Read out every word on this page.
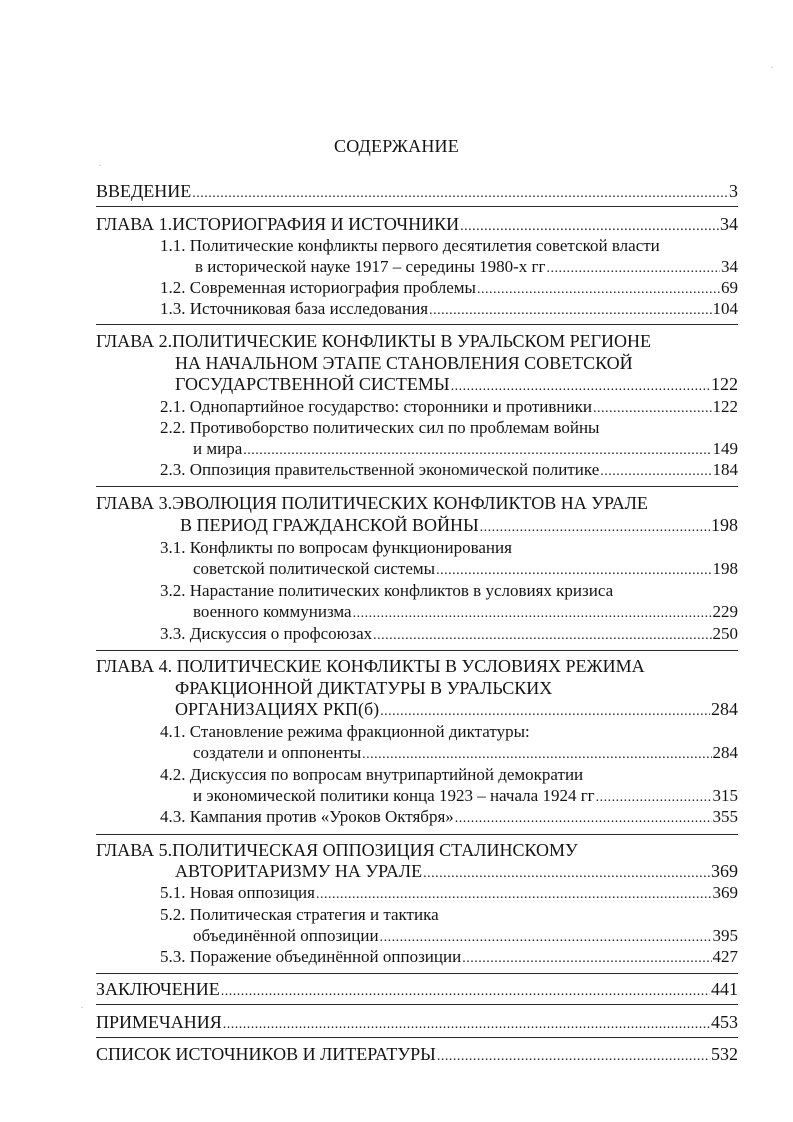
СОДЕРЖАНИЕ
ВВЕДЕНИЕ .....	3
ГЛАВА 1.ИСТОРИОГРАФИЯ И ИСТОЧНИКИ .....	34
1.1. Политические конфликты первого десятилетия советской власти
в исторической науке 1917 – середины 1980-х гг .....	34
1.2. Современная историография проблемы .....	69
1.3. Источниковая база исследования .....	104
ГЛАВА 2.ПОЛИТИЧЕСКИЕ КОНФЛИКТЫ В УРАЛЬСКОМ РЕГИОНЕ
НА НАЧАЛЬНОМ ЭТАПЕ СТАНОВЛЕНИЯ СОВЕТСКОЙ
ГОСУДАРСТВЕННОЙ СИСТЕМЫ .....	122
2.1. Однопартийное государство: сторонники и противники .....	122
2.2. Противоборство политических сил по проблемам войны
и мира .....	149
2.3. Оппозиция правительственной экономической политике .....	184
ГЛАВА 3.ЭВОЛЮЦИЯ ПОЛИТИЧЕСКИХ КОНФЛИКТОВ НА УРАЛЕ
В ПЕРИОД ГРАЖДАНСКОЙ ВОЙНЫ .....	198
3.1. Конфликты по вопросам функционирования
советской политической системы .....	198
3.2. Нарастание политических конфликтов в условиях кризиса
военного коммунизма .....	229
3.3. Дискуссия о профсоюзах .....	250
ГЛАВА 4. ПОЛИТИЧЕСКИЕ КОНФЛИКТЫ В УСЛОВИЯХ РЕЖИМА
ФРАКЦИОННОЙ ДИКТАТУРЫ В УРАЛЬСКИХ
ОРГАНИЗАЦИЯХ РКП(б) .....	284
4.1. Становление режима фракционной диктатуры:
создатели и оппоненты .....	284
4.2. Дискуссия по вопросам внутрипартийной демократии
и экономической политики конца 1923 – начала 1924 гг .....	315
4.3. Кампания против «Уроков Октября» .....	355
ГЛАВА 5.ПОЛИТИЧЕСКАЯ ОППОЗИЦИЯ СТАЛИНСКОМУ
АВТОРИТАРИЗМУ НА УРАЛЕ .....	369
5.1. Новая оппозиция .....	369
5.2. Политическая стратегия и тактика
объединённой оппозиции .....	395
5.3. Поражение объединённой оппозиции .....	427
ЗАКЛЮЧЕНИЕ .....	441
ПРИМЕЧАНИЯ .....	453
СПИСОК ИСТОЧНИКОВ И ЛИТЕРАТУРЫ .....	532
·
·
·
